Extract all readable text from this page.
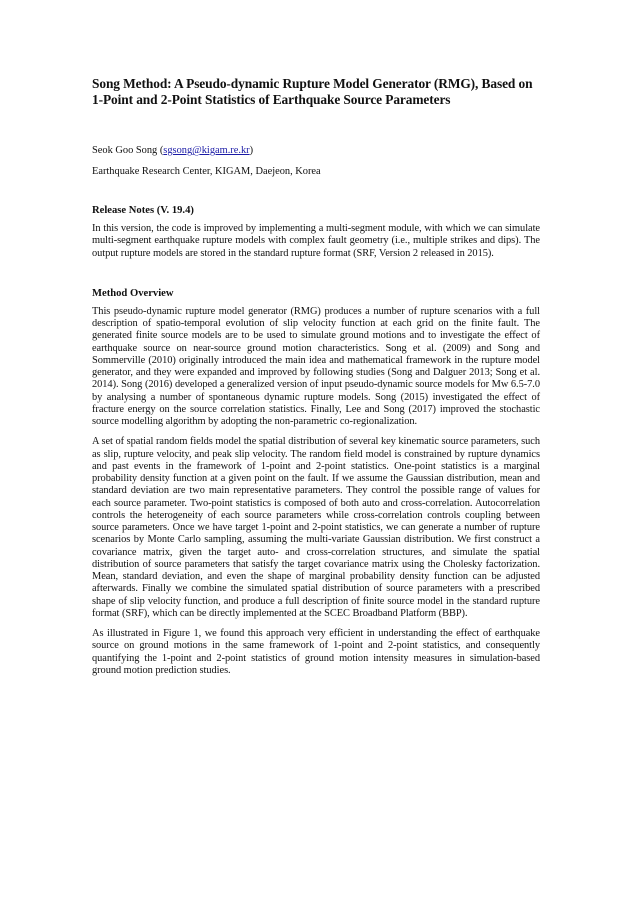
Song Method: A Pseudo-dynamic Rupture Model Generator (RMG), Based on 1-Point and 2-Point Statistics of Earthquake Source Parameters
Seok Goo Song (sgsong@kigam.re.kr)
Earthquake Research Center, KIGAM, Daejeon, Korea
Release Notes (V. 19.4)

In this version, the code is improved by implementing a multi-segment module, with which we can simulate multi-segment earthquake rupture models with complex fault geometry (i.e., multiple strikes and dips). The output rupture models are stored in the standard rupture format (SRF, Version 2 released in 2015).

Method Overview

This pseudo-dynamic rupture model generator (RMG) produces a number of rupture scenarios with a full description of spatio-temporal evolution of slip velocity function at each grid on the finite fault. The generated finite source models are to be used to simulate ground motions and to investigate the effect of earthquake source on near-source ground motion characteristics. Song et al. (2009) and Song and Sommerville (2010) originally introduced the main idea and mathematical framework in the rupture model generator, and they were expanded and improved by following studies (Song and Dalguer 2013; Song et al. 2014). Song (2016) developed a generalized version of input pseudo-dynamic source models for Mw 6.5-7.0 by analysing a number of spontaneous dynamic rupture models. Song (2015) investigated the effect of fracture energy on the source correlation statistics. Finally, Lee and Song (2017) improved the stochastic source modelling algorithm by adopting the non-parametric co-regionalization.

A set of spatial random fields model the spatial distribution of several key kinematic source parameters, such as slip, rupture velocity, and peak slip velocity. The random field model is constrained by rupture dynamics and past events in the framework of 1-point and 2-point statistics. One-point statistics is a marginal probability density function at a given point on the fault. If we assume the Gaussian distribution, mean and standard deviation are two main representative parameters. They control the possible range of values for each source parameter. Two-point statistics is composed of both auto and cross-correlation. Autocorrelation controls the heterogeneity of each source parameters while cross-correlation controls coupling between source parameters. Once we have target 1-point and 2-point statistics, we can generate a number of rupture scenarios by Monte Carlo sampling, assuming the multi-variate Gaussian distribution. We first construct a covariance matrix, given the target auto- and cross-correlation structures, and simulate the spatial distribution of source parameters that satisfy the target covariance matrix using the Cholesky factorization. Mean, standard deviation, and even the shape of marginal probability density function can be adjusted afterwards. Finally we combine the simulated spatial distribution of source parameters with a prescribed shape of slip velocity function, and produce a full description of finite source model in the standard rupture format (SRF), which can be directly implemented at the SCEC Broadband Platform (BBP).

As illustrated in Figure 1, we found this approach very efficient in understanding the effect of earthquake source on ground motions in the same framework of 1-point and 2-point statistics, and consequently quantifying the 1-point and 2-point statistics of ground motion intensity measures in simulation-based ground motion prediction studies.
